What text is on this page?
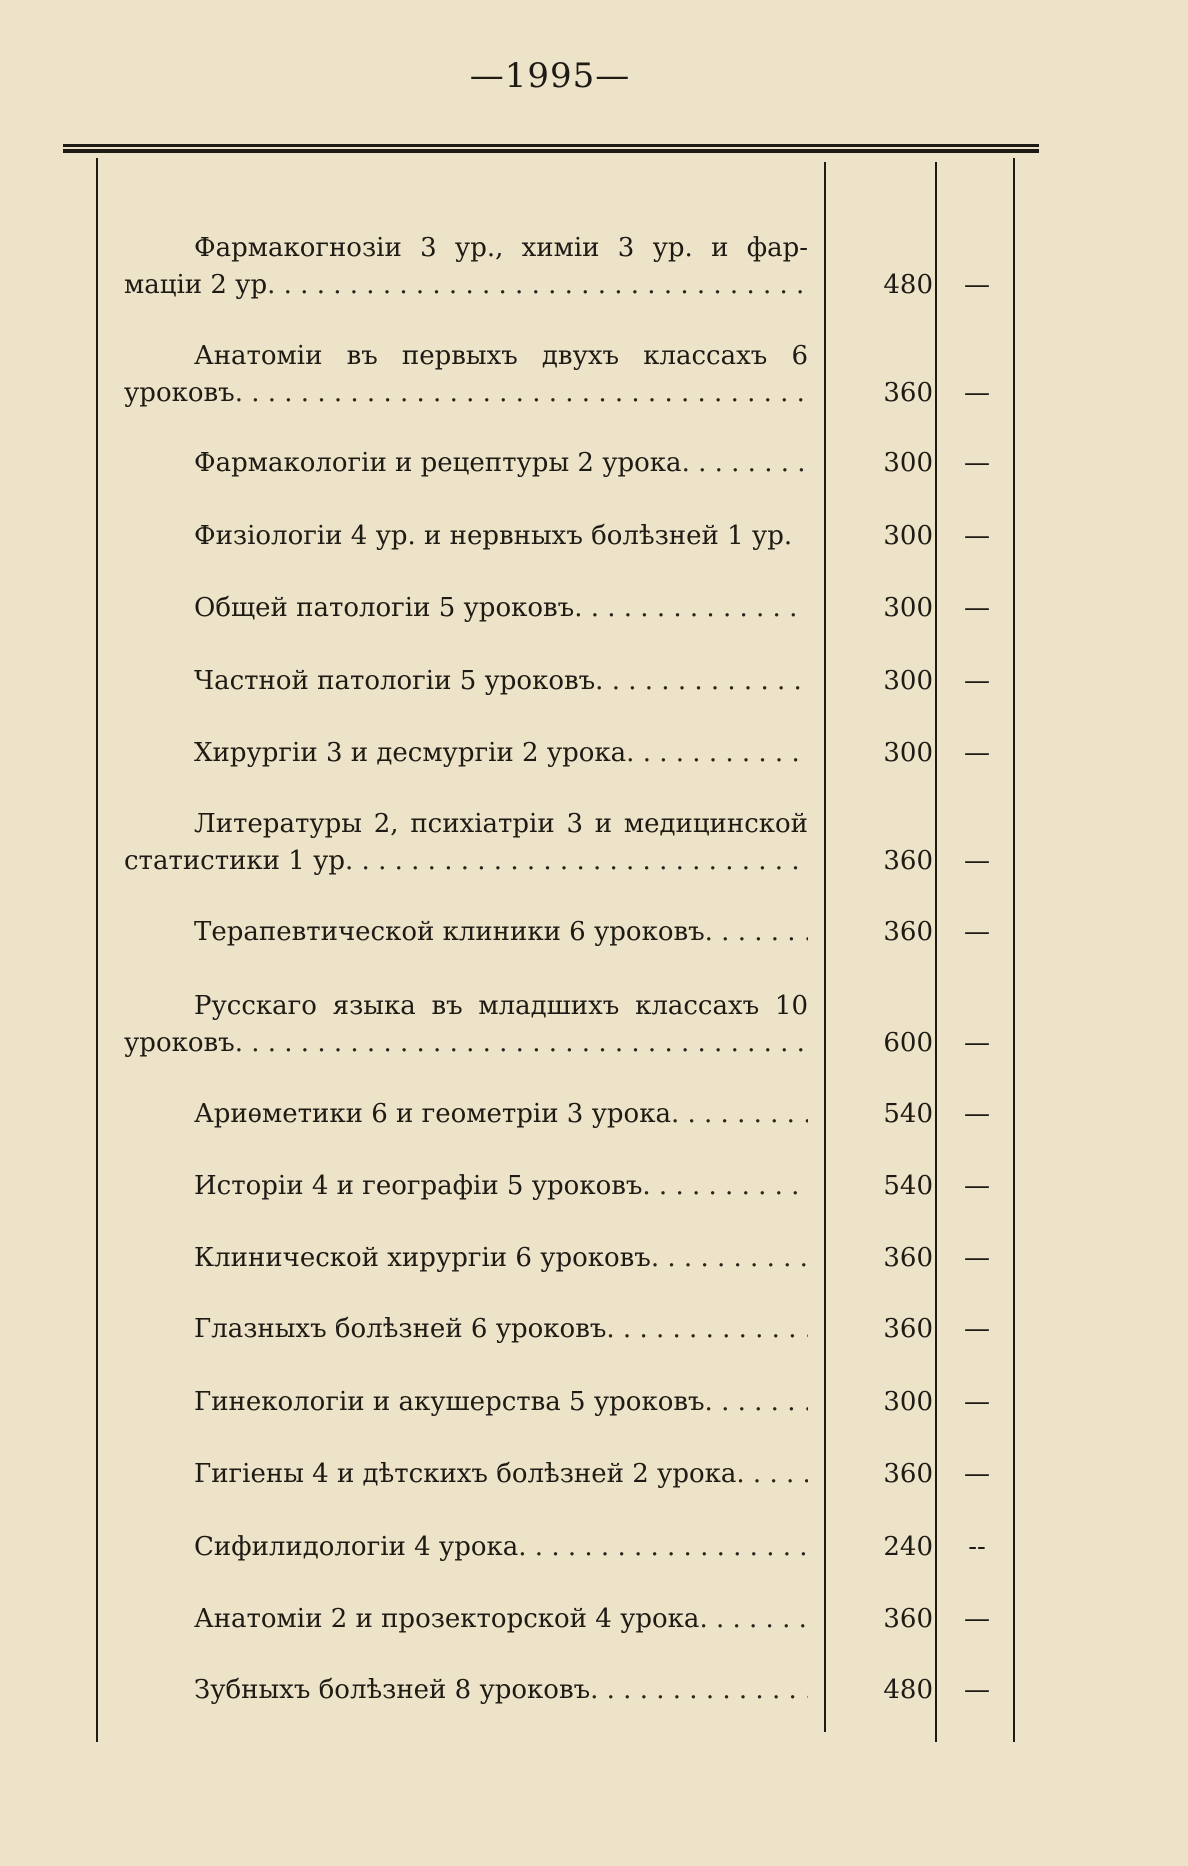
—1995—
Фармакогнозіи 3 ур., химіи 3 ур. и фар-
маціи 2 ур . . .	480	—
Анатоміи въ первыхъ двухъ классахъ 6
уроковъ . . .	360	—
Фармакологіи и рецептуры 2 урока . . .	300	—
Физіологіи 4 ур. и нервныхъ болѣзней 1 ур.	300	—
Общей патологіи 5 уроковъ . . .	300	—
Частной патологіи 5 уроковъ . . .	300	—
Хирургіи 3 и десмургіи 2 урока . . .	300	—
Литературы 2, психіатріи 3 и медицинской
статистики 1 ур . . .	360	—
Терапевтической клиники 6 уроковъ . . .	360	—
Русскаго языка въ младшихъ классахъ 10
уроковъ . . .	600	—
Ариѳметики 6 и геометріи 3 урока . . .	540	—
Исторіи 4 и географіи 5 уроковъ . . .	540	—
Клинической хирургіи 6 уроковъ . . .	360	—
Глазныхъ болѣзней 6 уроковъ . . .	360	—
Гинекологіи и акушерства 5 уроковъ . . .	300	—
Гигіены 4 и дѣтскихъ болѣзней 2 урока . . .	360	—
Сифилидологіи 4 урока . . .	240	--
Анатоміи 2 и прозекторской 4 урока . . .	360	—
Зубныхъ болѣзней 8 уроковъ . . .	480	—
